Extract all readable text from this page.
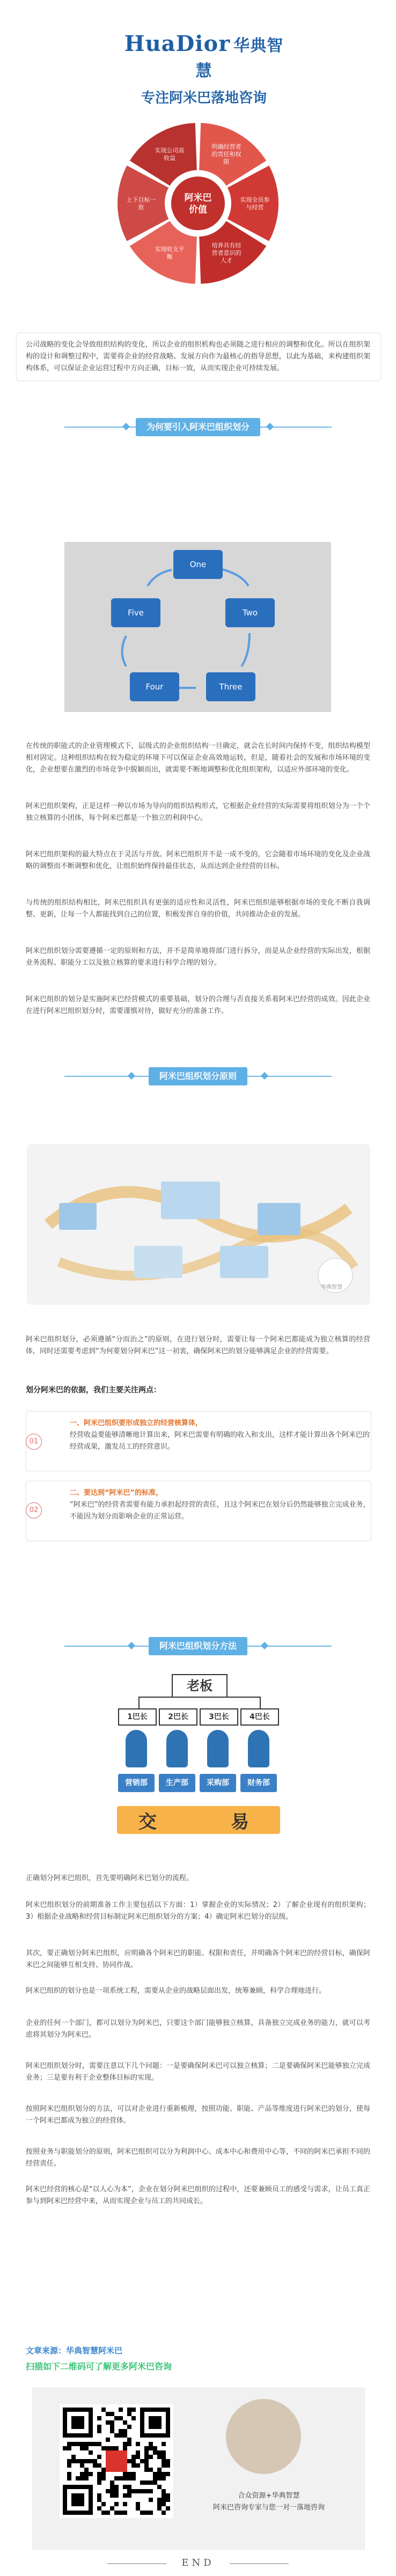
HuaDior 华典智慧
专注阿米巴落地咨询
明确经营者
的责任和权
限
实现全员参
与经营
培养具有经
营者意识的
人才
实现收支平
衡
上下目标一
致
实现公司高
收益
阿米巴
价值
公司战略的变化会导致组织结构的变化，所以企业的组织机构也必须随之进行相应的调整和优化。所以在组织架构的设计和调整过程中，需要将企业的经营战略、发展方向作为最核心的指导思想，以此为基础，来构建组织架构体系，可以保证企业运营过程中方向正确，目标一致，从而实现企业可持续发展。
为何要引入阿米巴组织划分
One
Two
Three
Four
Five
在传统的职能式的企业管理模式下，层级式的企业组织结构一旦确定，就会在长时间内保持不变，组织结构模型相对固定。这种组织结构在较为稳定的环境下可以保证企业高效地运转，但是，随着社会的发展和市场环境的变化，企业想要在激烈的市场竞争中脱颖而出，就需要不断地调整和优化组织架构，以适应外部环境的变化。
阿米巴组织架构，正是这样一种以市场为导向的组织结构形式，它根据企业经营的实际需要将组织划分为一个个独立核算的小团体，每个阿米巴都是一个独立的利润中心。
阿米巴组织架构的最大特点在于灵活与开放。阿米巴组织并不是一成不变的，它会随着市场环境的变化及企业战略的调整而不断调整和优化，让组织始终保持最佳状态，从而达到企业经营的目标。
与传统的组织结构相比，阿米巴组织具有更强的适应性和灵活性，阿米巴组织能够根据市场的变化不断自我调整、更新，让每一个人都能找到自己的位置，积极发挥自身的价值，共同推动企业的发展。
阿米巴组织划分需要遵循一定的原则和方法，并不是简单地将部门进行拆分，而是从企业经营的实际出发，根据业务流程、职能分工以及独立核算的要求进行科学合理的划分。
阿米巴组织的划分是实施阿米巴经营模式的重要基础，划分的合理与否直接关系着阿米巴经营的成效。因此企业在进行阿米巴组织划分时，需要谨慎对待，做好充分的准备工作。
阿米巴组织划分原则
华典智慧
阿米巴组织划分，必须遵循“分而治之”的原则，在进行划分时，需要让每一个阿米巴都能成为独立核算的经营体，同时还需要考虑到“为何要划分阿米巴”这一初衷，确保阿米巴的划分能够满足企业的经营需要。
划分阿米巴的依据，我们主要关注两点：
01
一、阿米巴组织要形成独立的经营核算体，
经营收益要能够清晰地计算出来，阿米巴需要有明确的收入和支出，这样才能计算出各个阿米巴的经营成果，激发员工的经营意识。
02
二、要达到“阿米巴”的标准，
“阿米巴”的经营者需要有能力承担起经营的责任，且这个阿米巴在划分后仍然能够独立完成业务，不能因为划分而影响企业的正常运营。
阿米巴组织划分方法
老板
1巴长
营销部
2巴长
生产部
3巴长
采购部
4巴长
财务部
交	易
正确划分阿米巴组织，首先要明确阿米巴划分的流程。
阿米巴组织划分的前期准备工作主要包括以下方面：1）掌握企业的实际情况；2）了解企业现有的组织架构；3）根据企业战略和经营目标制定阿米巴组织划分的方案；4）确定阿米巴划分的层级。
其次，要正确划分阿米巴组织，应明确各个阿米巴的职能、权限和责任，并明确各个阿米巴的经营目标，确保阿米巴之间能够互相支持、协同作战。
阿米巴组织的划分也是一项系统工程，需要从企业的战略层面出发，统筹兼顾，科学合理地进行。
企业的任何一个部门，都可以划分为阿米巴，只要这个部门能够独立核算，具备独立完成业务的能力，就可以考虑将其划分为阿米巴。
阿米巴组织划分时，需要注意以下几个问题：一是要确保阿米巴可以独立核算；二是要确保阿米巴能够独立完成业务；三是要有利于企业整体目标的实现。
按照阿米巴组织划分的方法，可以对企业进行重新梳理，按照功能、职能、产品等维度进行阿米巴的划分，使每一个阿米巴都成为独立的经营体。
按照业务与职能划分的原则，阿米巴组织可以分为利润中心、成本中心和费用中心等，不同的阿米巴承担不同的经营责任。
阿米巴经营的核心是“以人心为本”，企业在划分阿米巴组织的过程中，还要兼顾员工的感受与需求，让员工真正参与到阿米巴经营中来，从而实现企业与员工的共同成长。
文章来源：华典智慧阿米巴
扫描如下二维码可了解更多阿米巴咨询
合众资源+华典智慧
阿米巴咨询专家与您一对一落地咨询
END
